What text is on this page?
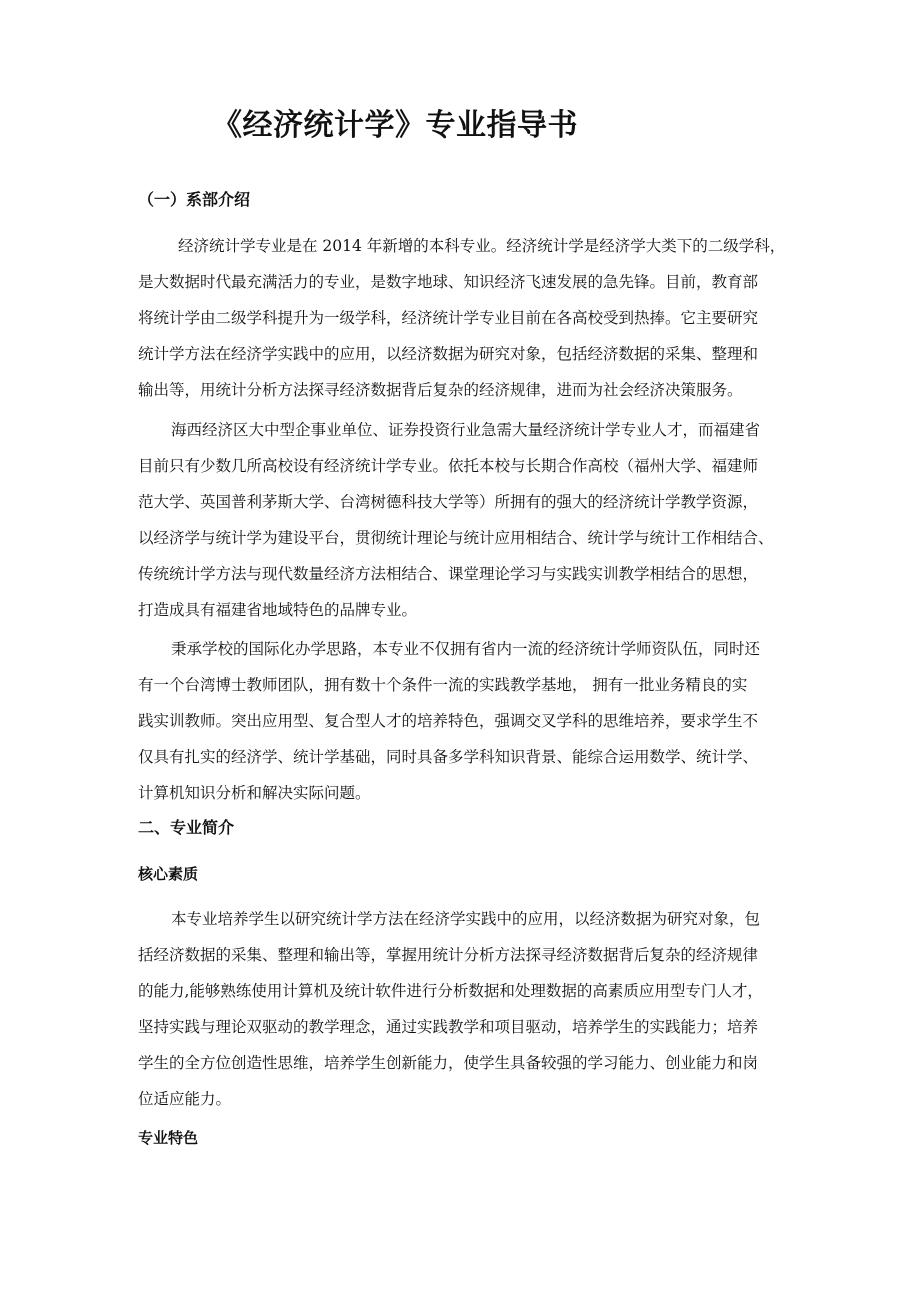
《经济统计学》专业指导书
（一）系部介绍
经济统计学专业是在 2014 年新增的本科专业。经济统计学是经济学大类下的二级学科，
是大数据时代最充满活力的专业，是数字地球、知识经济飞速发展的急先锋。目前，教育部
将统计学由二级学科提升为一级学科，经济统计学专业目前在各高校受到热捧。它主要研究
统计学方法在经济学实践中的应用，以经济数据为研究对象，包括经济数据的采集、整理和
输出等，用统计分析方法探寻经济数据背后复杂的经济规律，进而为社会经济决策服务。
海西经济区大中型企事业单位、证券投资行业急需大量经济统计学专业人才，而福建省
目前只有少数几所高校设有经济统计学专业。依托本校与长期合作高校（福州大学、福建师
范大学、英国普利茅斯大学、台湾树德科技大学等）所拥有的强大的经济统计学教学资源，
以经济学与统计学为建设平台，贯彻统计理论与统计应用相结合、统计学与统计工作相结合、
传统统计学方法与现代数量经济方法相结合、课堂理论学习与实践实训教学相结合的思想，
打造成具有福建省地域特色的品牌专业。
秉承学校的国际化办学思路，本专业不仅拥有省内一流的经济统计学师资队伍，同时还
有一个台湾博士教师团队，拥有数十个条件一流的实践教学基地， 拥有一批业务精良的实
践实训教师。突出应用型、复合型人才的培养特色，强调交叉学科的思维培养，要求学生不
仅具有扎实的经济学、统计学基础，同时具备多学科知识背景、能综合运用数学、统计学、
计算机知识分析和解决实际问题。
二、专业简介
核心素质
本专业培养学生以研究统计学方法在经济学实践中的应用，以经济数据为研究对象，包
括经济数据的采集、整理和输出等，掌握用统计分析方法探寻经济数据背后复杂的经济规律
的能力,能够熟练使用计算机及统计软件进行分析数据和处理数据的高素质应用型专门人才，
坚持实践与理论双驱动的教学理念，通过实践教学和项目驱动，培养学生的实践能力；培养
学生的全方位创造性思维，培养学生创新能力，使学生具备较强的学习能力、创业能力和岗
位适应能力。
专业特色
